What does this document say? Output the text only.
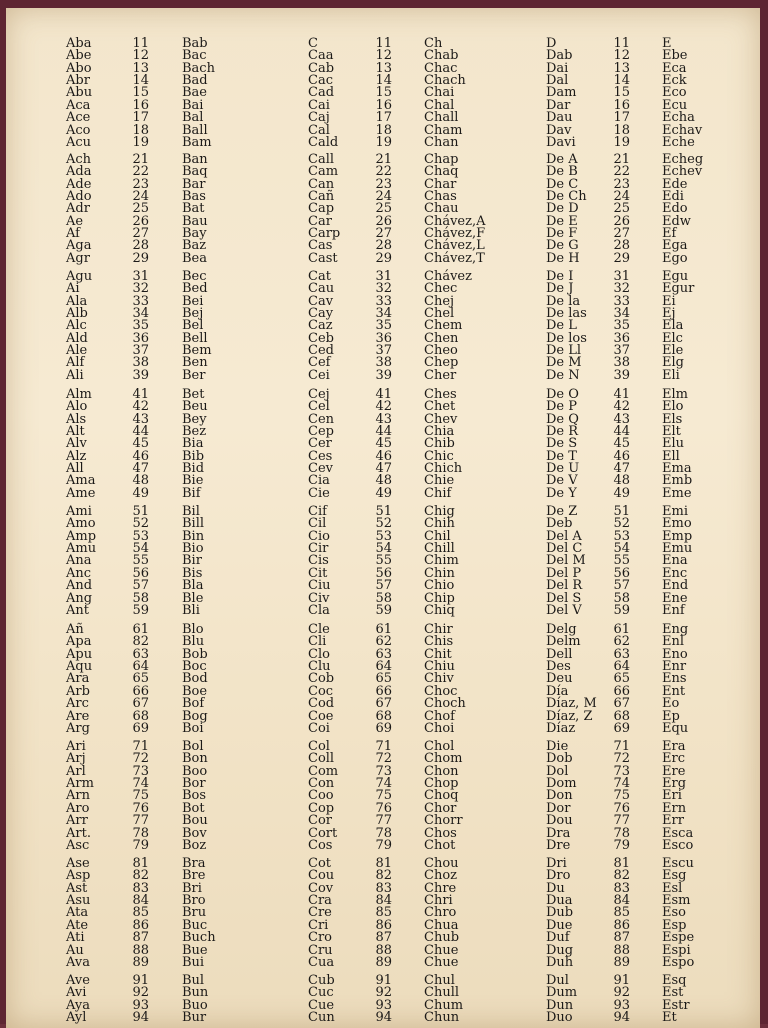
Aba	11	Bab
Abe	12	Bac
Abo	13	Bach
Abr	14	Bad
Abu	15	Bae
Aca	16	Bai
Ace	17	Bal
Aco	18	Ball
Acu	19	Bam
Ach	21	Ban
Ada	22	Baq
Ade	23	Bar
Ado	24	Bas
Adr	25	Bat
Ae	26	Bau
Af	27	Bay
Aga	28	Baz
Agr	29	Bea
Agu	31	Bec
Ai	32	Bed
Ala	33	Bei
Alb	34	Bej
Alc	35	Bel
Ald	36	Bell
Ale	37	Bem
Alf	38	Ben
Ali	39	Ber
Alm	41	Bet
Alo	42	Beu
Als	43	Bey
Alt	44	Bez
Alv	45	Bia
Alz	46	Bib
All	47	Bid
Ama	48	Bie
Ame	49	Bif
Ami	51	Bil
Amo	52	Bill
Amp	53	Bin
Amu	54	Bio
Ana	55	Bir
Anc	56	Bis
And	57	Bla
Ang	58	Ble
Ant	59	Bli
Añ	61	Blo
Apa	82	Blu
Apu	63	Bob
Aqu	64	Boc
Ara	65	Bod
Arb	66	Boe
Arc	67	Bof
Are	68	Bog
Arg	69	Boi
Ari	71	Bol
Arj	72	Bon
Arl	73	Boo
Arm	74	Bor
Arn	75	Bos
Aro	76	Bot
Arr	77	Bou
Art.	78	Bov
Asc	79	Boz
Ase	81	Bra
Asp	82	Bre
Ast	83	Bri
Asu	84	Bro
Ata	85	Bru
Ate	86	Buc
Ati	87	Buch
Au	88	Bue
Ava	89	Bui
Ave	91	Bul
Avi	92	Bun
Aya	93	Buo
Ayl	94	Bur
C	11 Ch
Caa	12 Chab
Cab	13 Chac
Cac	14 Chach
Cad	15 Chai
Cai	16 Chal
Caj	17 Chall
Cal	18 Cham
Cald	19 Chan
Call	21 Chap
Cam	22 Chaq
Can	23 Char
Cañ	24 Chas
Cap	25 Chau
Car	26 Chávez,A
Carp	27 Chávez,F
Cas	28 Chávez,L
Cast	29 Chávez,T
Cat	31 Chávez
Cau	32 Chec
Cav	33 Chej
Cay	34 Chel
Caz	35 Chem
Ceb	36 Chen
Ced	37 Cheo
Cef	38 Chep
Cei	39 Cher
Cej	41 Ches
Cel	42 Chet
Cen	43 Chev
Cep	44 Chia
Cer	45 Chib
Ces	46 Chic
Cev	47 Chich
Cia	48 Chie
Cie	49 Chif
Cif	51 Chig
Cil	52 Chih
Cio	53 Chil
Cir	54 Chill
Cis	55 Chim
Cit	56 Chin
Ciu	57 Chio
Civ	58 Chip
Cla	59 Chiq
Cle	61 Chir
Cli	62 Chis
Clo	63 Chit
Clu	64 Chiu
Cob	65 Chiv
Coc	66 Choc
Cod	67 Choch
Coe	68 Chof
Coi	69 Choi
Col	71 Chol
Coll	72 Chom
Com	73 Chon
Con	74 Chop
Coo	75 Choq
Cop	76 Chor
Cor	77 Chorr
Cort	78 Chos
Cos	79 Chot
Cot	81 Chou
Cou	82 Choz
Cov	83 Chre
Cra	84 Chri
Cre	85 Chro
Cri	86 Chua
Cro	87 Chub
Cru	88 Chue
Cua	89 Chue
Cub	91 Chul
Cuc	92 Chull
Cue	93 Chum
Cun	94 Chun
D	11 E
Dab	12 Ebe
Dai	13 Eca
Dal	14 Eck
Dam	15 Eco
Dar	16 Ecu
Dau	17 Echa
Dav	18 Echav
Davi	19 Eche
De A	21 Echeg
De B	22 Echev
De C	23 Ede
De Ch	24 Edi
De D	25 Edo
De E	26 Edw
De F	27 Ef
De G	28 Ega
De H	29 Ego
De I	31 Egu
De J	32 Egur
De la	33 Ei
De las	34 Ej
De L	35 Ela
De los	36 Elc
De Ll	37 Ele
De M	38 Elg
De N	39 Eli
De O	41 Elm
De P	42 Elo
De Q	43 Els
De R	44 Elt
De S	45 Elu
De T	46 Ell
De U	47 Ema
De V	48 Emb
De Y	49 Eme
De Z	51 Emi
Deb	52 Emo
Del A	53 Emp
Del C	54 Emu
Del M	55 Ena
Del P	56 Enc
Del R	57 End
Del S	58 Ene
Del V	59 Enf
Delg	61 Eng
Delm	62 Enl
Dell	63 Eno
Des	64 Enr
Deu	65 Ens
Día	66 Ent
Díaz, M	67 Eo
Díaz, Z	68 Ep
Díaz	69 Equ
Die	71 Era
Dob	72 Erc
Dol	73 Ere
Dom	74 Erg
Don	75 Eri
Dor	76 Ern
Dou	77 Err
Dra	78 Esca
Dre	79 Esco
Dri	81 Escu
Dro	82 Esg
Du	83 Esl
Dua	84 Esm
Dub	85 Eso
Due	86 Esp
Duf	87 Espe
Dug	88 Espi
Duh	89 Espo
Dul	91 Esq
Dum	92 Est
Dun	93 Estr
Duo	94 Et
